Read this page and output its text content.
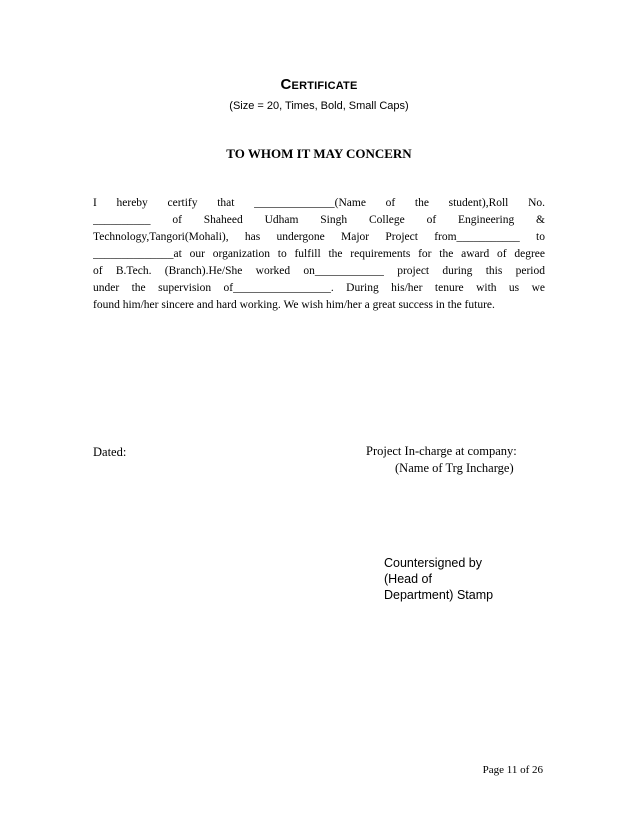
Certificate
(Size = 20, Times, Bold, Small Caps)
TO WHOM IT MAY CONCERN
I hereby certify that ______________(Name of the student),Roll No.
__________ of Shaheed Udham Singh College of Engineering &
Technology,Tangori(Mohali), has undergone Major Project from___________ to
______________at our organization to fulfill the requirements for the award of degree
of B.Tech. (Branch).He/She worked on____________ project during this period
under the supervision of_________________. During his/her tenure with us we
found him/her sincere and hard working. We wish him/her a great success in the future.
Dated:	Project In-charge at company:
(Name of Trg Incharge)
Countersigned by
(Head of
Department) Stamp
Page 11 of 26
